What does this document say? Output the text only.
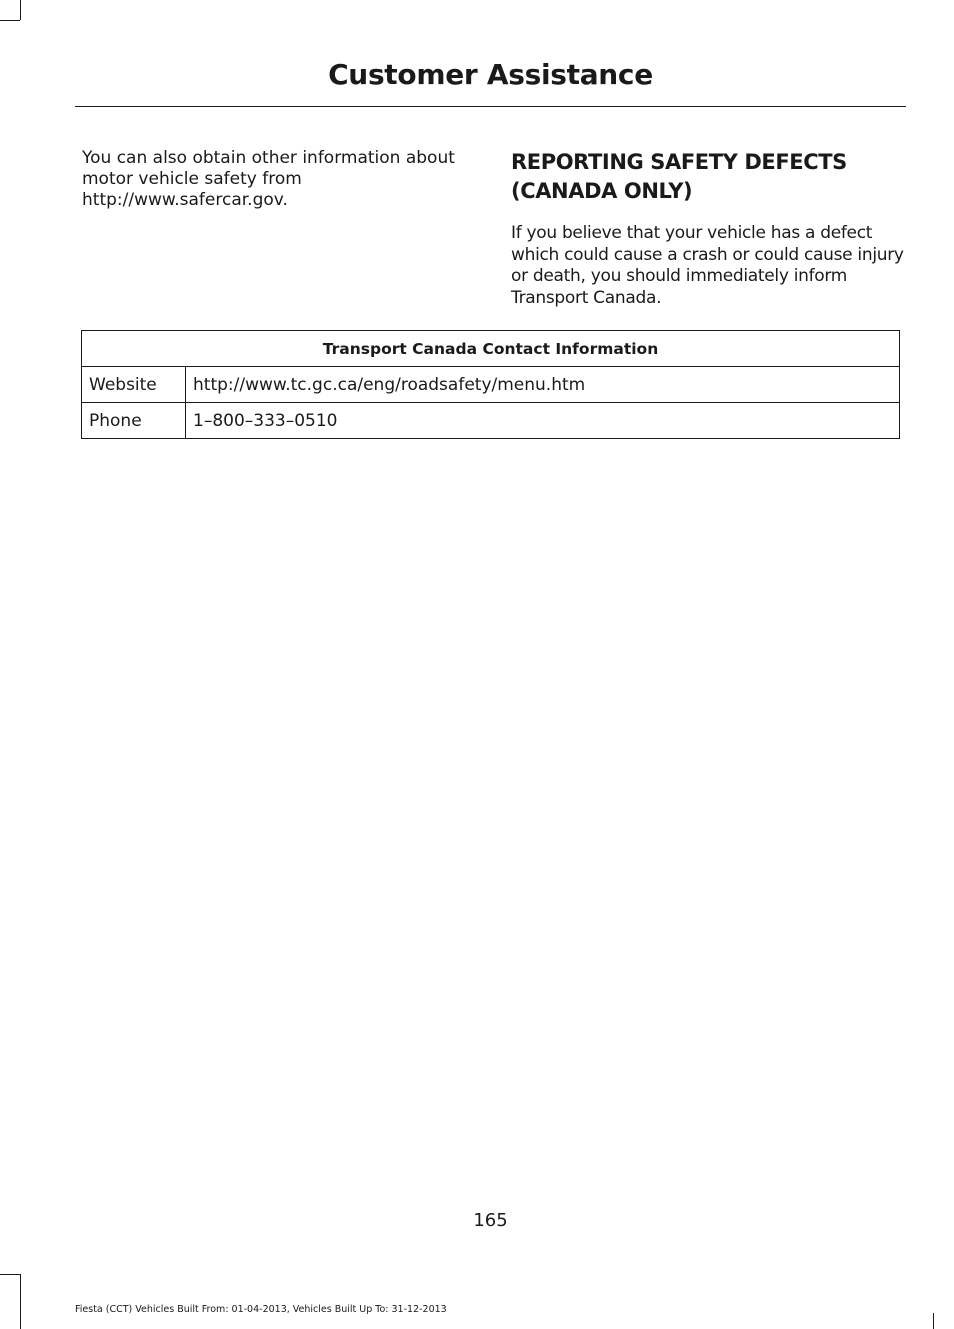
Customer Assistance

You can also obtain other information about motor vehicle safety from http://www.safercar.gov.

REPORTING SAFETY DEFECTS (CANADA ONLY)

If you believe that your vehicle has a defect which could cause a crash or could cause injury or death, you should immediately inform Transport Canada.

Transport Canada Contact Information	
Website	http://www.tc.gc.ca/eng/roadsafety/menu.htm
Phone	1–800–333–0510
165
Fiesta (CCT) Vehicles Built From: 01-04-2013, Vehicles Built Up To: 31-12-2013
